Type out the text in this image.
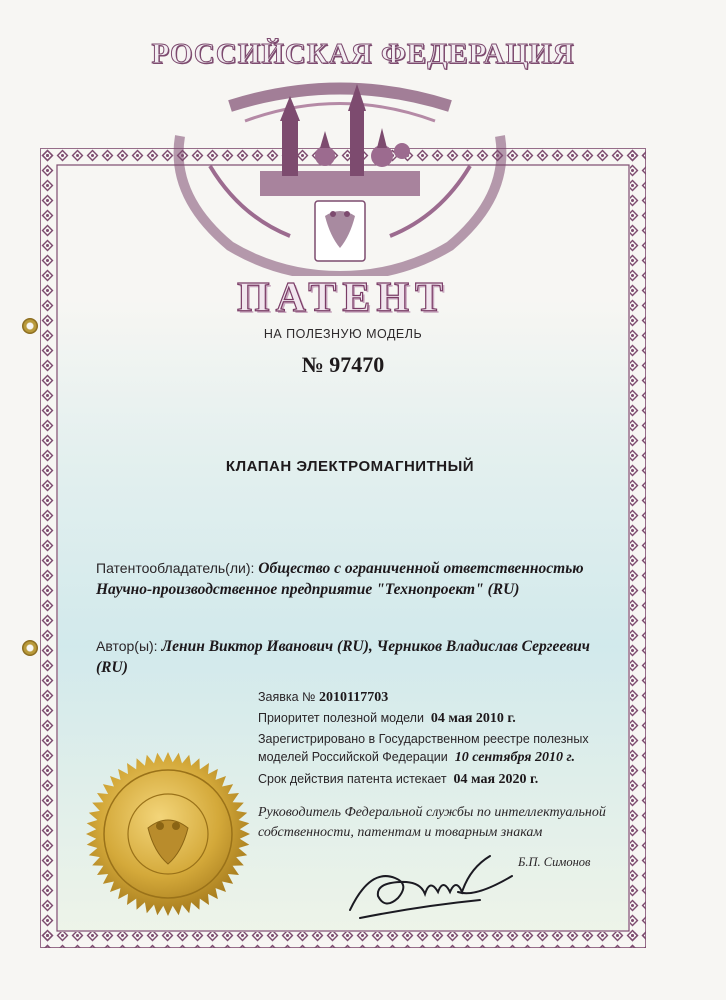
РОССИЙСКАЯ ФЕДЕРАЦИЯ
ПАТЕНТ
НА ПОЛЕЗНУЮ МОДЕЛЬ
№ 97470
КЛАПАН ЭЛЕКТРОМАГНИТНЫЙ
Патентообладатель(ли): Общество с ограниченной ответственностью Научно-производственное предприятие "Технопроект" (RU)
Автор(ы): Ленин Виктор Иванович (RU), Черников Владислав Сергеевич (RU)
Заявка № 2010117703
Приоритет полезной модели 04 мая 2010 г.
Зарегистрировано в Государственном реестре полезных моделей Российской Федерации 10 сентября 2010 г.
Срок действия патента истекает 04 мая 2020 г.
Руководитель Федеральной службы по интеллектуальной собственности, патентам и товарным знакам
Б.П. Симонов
